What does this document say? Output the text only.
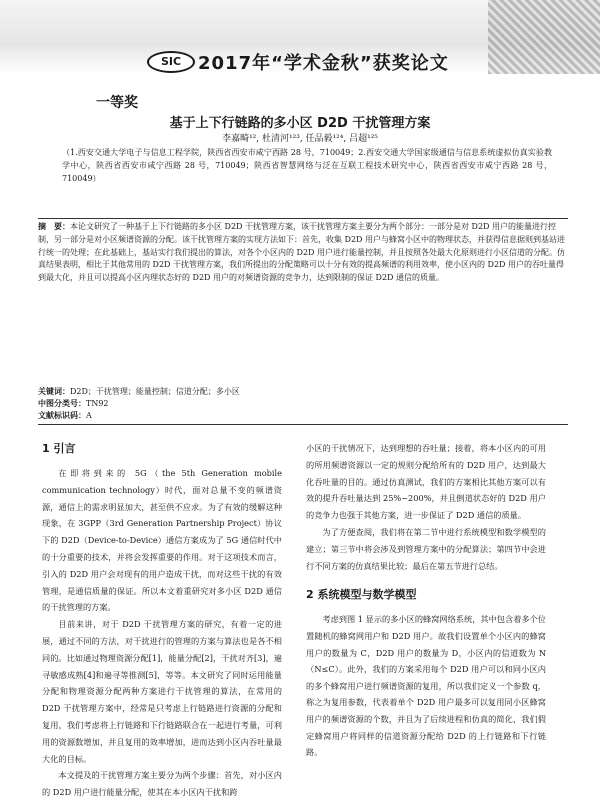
SIC 2017年“学术金秋”获奖论文
一等奖
基于上下行链路的多小区 D2D 干扰管理方案
李嘉畸¹², 杜清河¹²³, 任品毅¹²⁴, 吕超¹²⁵
（1.西安交通大学电子与信息工程学院，陕西省西安市咸宁西路 28 号，710049；2.西安交通大学国家级通信与信息系统虚拟仿真实验教学中心，陕西省西安市咸宁西路 28 号，710049；陕西省智慧网络与泛在互联工程技术研究中心，陕西省西安市咸宁西路 28 号，710049）
摘　要：本论文研究了一种基于上下行链路的多小区 D2D 干扰管理方案，该干扰管理方案主要分为两个部分：一部分是对 D2D 用户的能量进行控制，另一部分是对小区频谱资源的分配。该干扰管理方案的实现方法如下：首先，收集 D2D 用户与蜂窝小区中的物理状态，并获得信息据则到基站进行统一的处理；在此基础上，基站实行我们提出的算法，对各个小区内的 D2D 用户进行能量控制，并且按照各处最大化原则进行小区信道的分配。仿真结果表明，相比于其他常用的 D2D 干扰管理方案，我们所提出的分配策略可以十分有效的提高频谱的利用效率，使小区内的 D2D 用户的吞吐量得到最大化，并且可以提高小区内理状态好的 D2D 用户的对频谱资源的竞争力，达到限制的保证 D2D 通信的质量。
关键词：D2D；干扰管理；能量控制；信道分配；多小区
中图分类号：TN92
文献标识码：A
1 引言

在即将到来的 5G（the 5th Generation mobile communication technology）时代，面对总量不变的频谱资源，通信上的需求明显加大，甚至供不应求。为了有效的缓解这种现象，在 3GPP（3rd Generation Partnership Project）协议下的 D2D（Device-to-Device）通信方案成为了 5G 通信时代中的十分重要的技术，并将会发挥重要的作用。对于这项技术而言，引入的 D2D 用户会对现有的用户造成干扰，而对这些干扰的有效管理，是通信质量的保证。所以本文着重研究对多小区 D2D 通信的干扰管理的方案。

目前来讲，对于 D2D 干扰管理方案的研究，有着一定的进展，通过不同的方法，对干扰进行的管理的方案与算法也是各不相同的。比如通过物理资源分配[1]，能量分配[2]，干扰对齐[3]，遍寻敏感成熟[4]和遍寻等推测[5]，等等。本文研究了同时运用能量分配和物理资源分配两种方案进行干扰管理的算法，在常用的 D2D 干扰管理方案中，经常是只考虑上行链路进行资源的分配和复用，我们考虑将上行链路和下行链路联合在一起进行考量，可利用的资源数增加，并且复用的效率增加，进而达到小区内吞吐量最大化的目标。

本文提及的干扰管理方案主要分为两个步骤：首先，对小区内的 D2D 用户进行能量分配，使其在本小区内干扰和跨

小区的干扰情况下，达到理想的吞吐量；接着，将本小区内的可用的所用频谱资源以一定的规则分配给所有的 D2D 用户，达到最大化吞吐量的目的。通过仿真测试，我们的方案相比其他方案可以有效的提升吞吐量达到 25%~200%，并且倒道状态好的 D2D 用户的竞争力也强于其他方案，进一步保证了 D2D 通信的质量。

为了方便查阅，我们将在第二节中进行系统模型和数学模型的建立；第三节中将会涉及到管理方案中的分配算法；第四节中会进行不同方案的仿真结果比较；最后在第五节进行总结。

2 系统模型与数学模型

考虑到图 1 显示的多小区的蜂窝网络系统，其中包含着多个位置随机的蜂窝网用户和 D2D 用户。故我们设置单个小区内的蜂窝用户的数量为 C，D2D 用户的数量为 D，小区内的信道数为 N（N≤C）。此外，我们的方案采用每个 D2D 用户可以和同小区内的多个蜂窝用户进行频谱资源的复用，所以我们定义一个参数 q，称之为复用参数，代表着单个 D2D 用户最多可以复用同小区蜂窝用户的频谱资源的个数，并且为了后续进程和仿真的简化，我们假定蜂窝用户将同样的信道资源分配给 D2D 的上行链路和下行链路。
